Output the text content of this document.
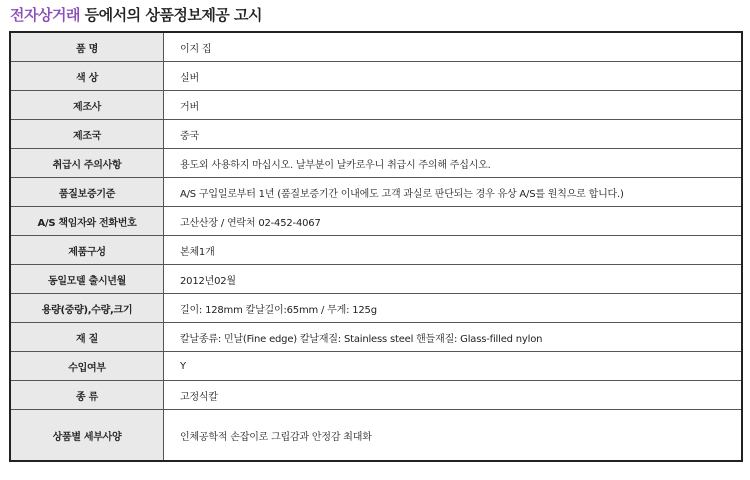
전자상거래 등에서의 상품정보제공 고시
품 명	이지 집
색 상	실버
제조사	거버
제조국	중국
취급시 주의사항	용도외 사용하지 마십시오. 날부분이 날카로우니 취급시 주의해 주십시오.
품질보증기준	A/S 구입일로부터 1년 (품질보증기간 이내에도 고객 과실로 판단되는 경우 유상 A/S를 원칙으로 합니다.)
A/S 책임자와 전화번호	고산산장 / 연락처 02-452-4067
제품구성	본체1개
동일모델 출시년월	2012년02월
용량(중량),수량,크기	길이: 128mm 칼날길이:65mm / 무게: 125g
재 질	칼날종류: 민날(Fine edge) 칼날재질: Stainless steel 핸들재질: Glass-filled nylon
수입여부	Y
종 류	고정식칼
상품별 세부사양	인체공학적 손잡이로 그립감과 안정감 최대화
